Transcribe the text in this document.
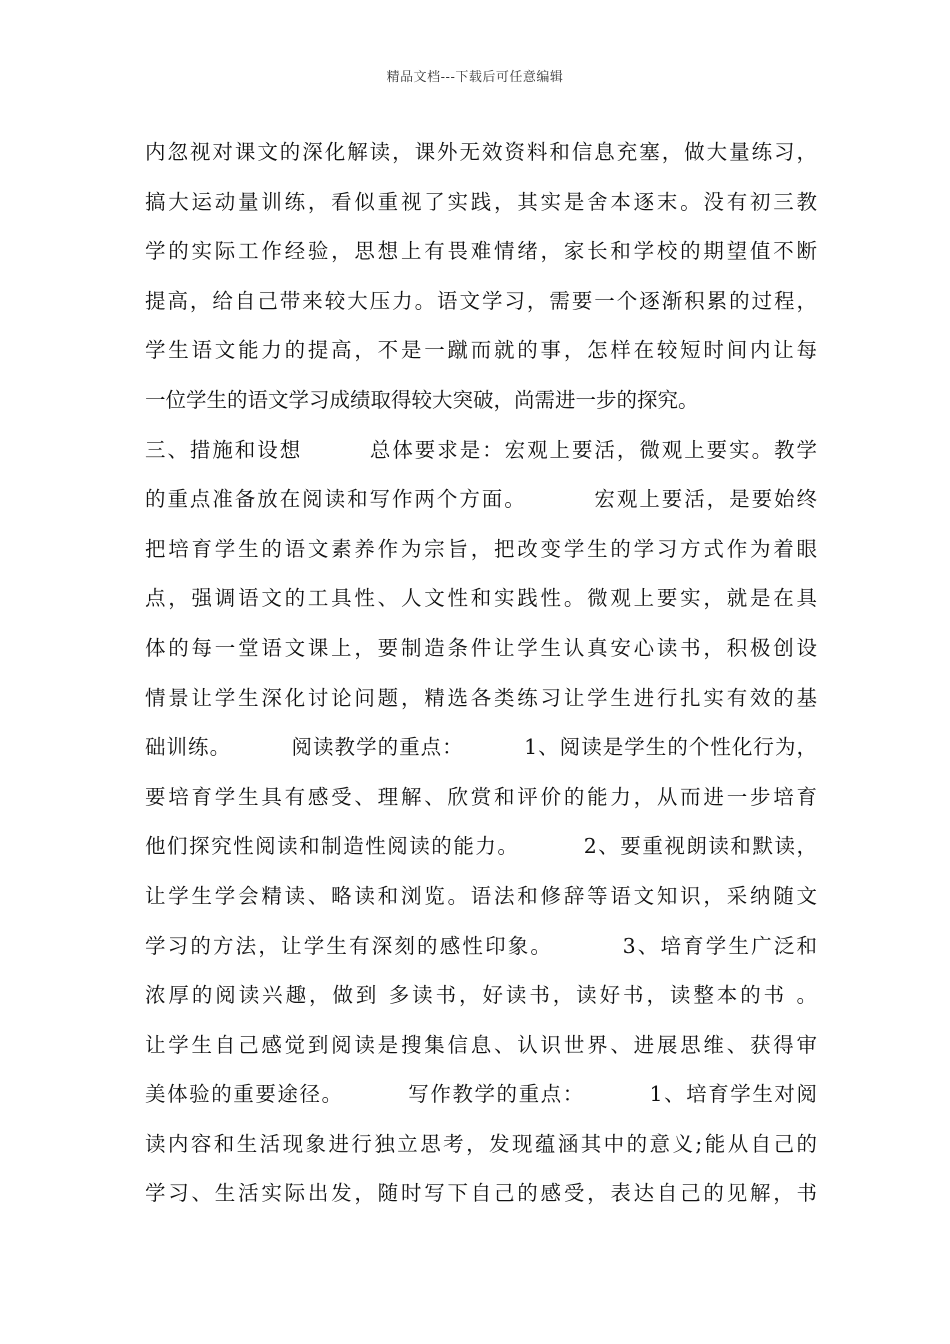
精品文档---下载后可任意编辑
内忽视对课文的深化解读，课外无效资料和信息充塞，做大量练习，
搞大运动量训练，看似重视了实践，其实是舍本逐末。没有初三教
学的实际工作经验，思想上有畏难情绪，家长和学校的期望值不断
提高，给自己带来较大压力。语文学习，需要一个逐渐积累的过程，
学生语文能力的提高，不是一蹴而就的事，怎样在较短时间内让每
一位学生的语文学习成绩取得较大突破，尚需进一步的探究。
三、措施和设想        总体要求是：宏观上要活，微观上要实。教学
的重点准备放在阅读和写作两个方面。        宏观上要活，是要始终
把培育学生的语文素养作为宗旨，把改变学生的学习方式作为着眼
点，强调语文的工具性、人文性和实践性。微观上要实，就是在具
体的每一堂语文课上，要制造条件让学生认真安心读书，积极创设
情景让学生深化讨论问题，精选各类练习让学生进行扎实有效的基
础训练。        阅读教学的重点：        1、阅读是学生的个性化行为，
要培育学生具有感受、理解、欣赏和评价的能力，从而进一步培育
他们探究性阅读和制造性阅读的能力。        2、要重视朗读和默读，
让学生学会精读、略读和浏览。语法和修辞等语文知识，采纳随文
学习的方法，让学生有深刻的感性印象。        3、培育学生广泛和
浓厚的阅读兴趣，做到 多读书，好读书，读好书，读整本的书 。
让学生自己感觉到阅读是搜集信息、认识世界、进展思维、获得审
美体验的重要途径。        写作教学的重点：        1、培育学生对阅
读内容和生活现象进行独立思考，发现蕴涵其中的意义;能从自己的
学习、生活实际出发，随时写下自己的感受，表达自己的见解，书
